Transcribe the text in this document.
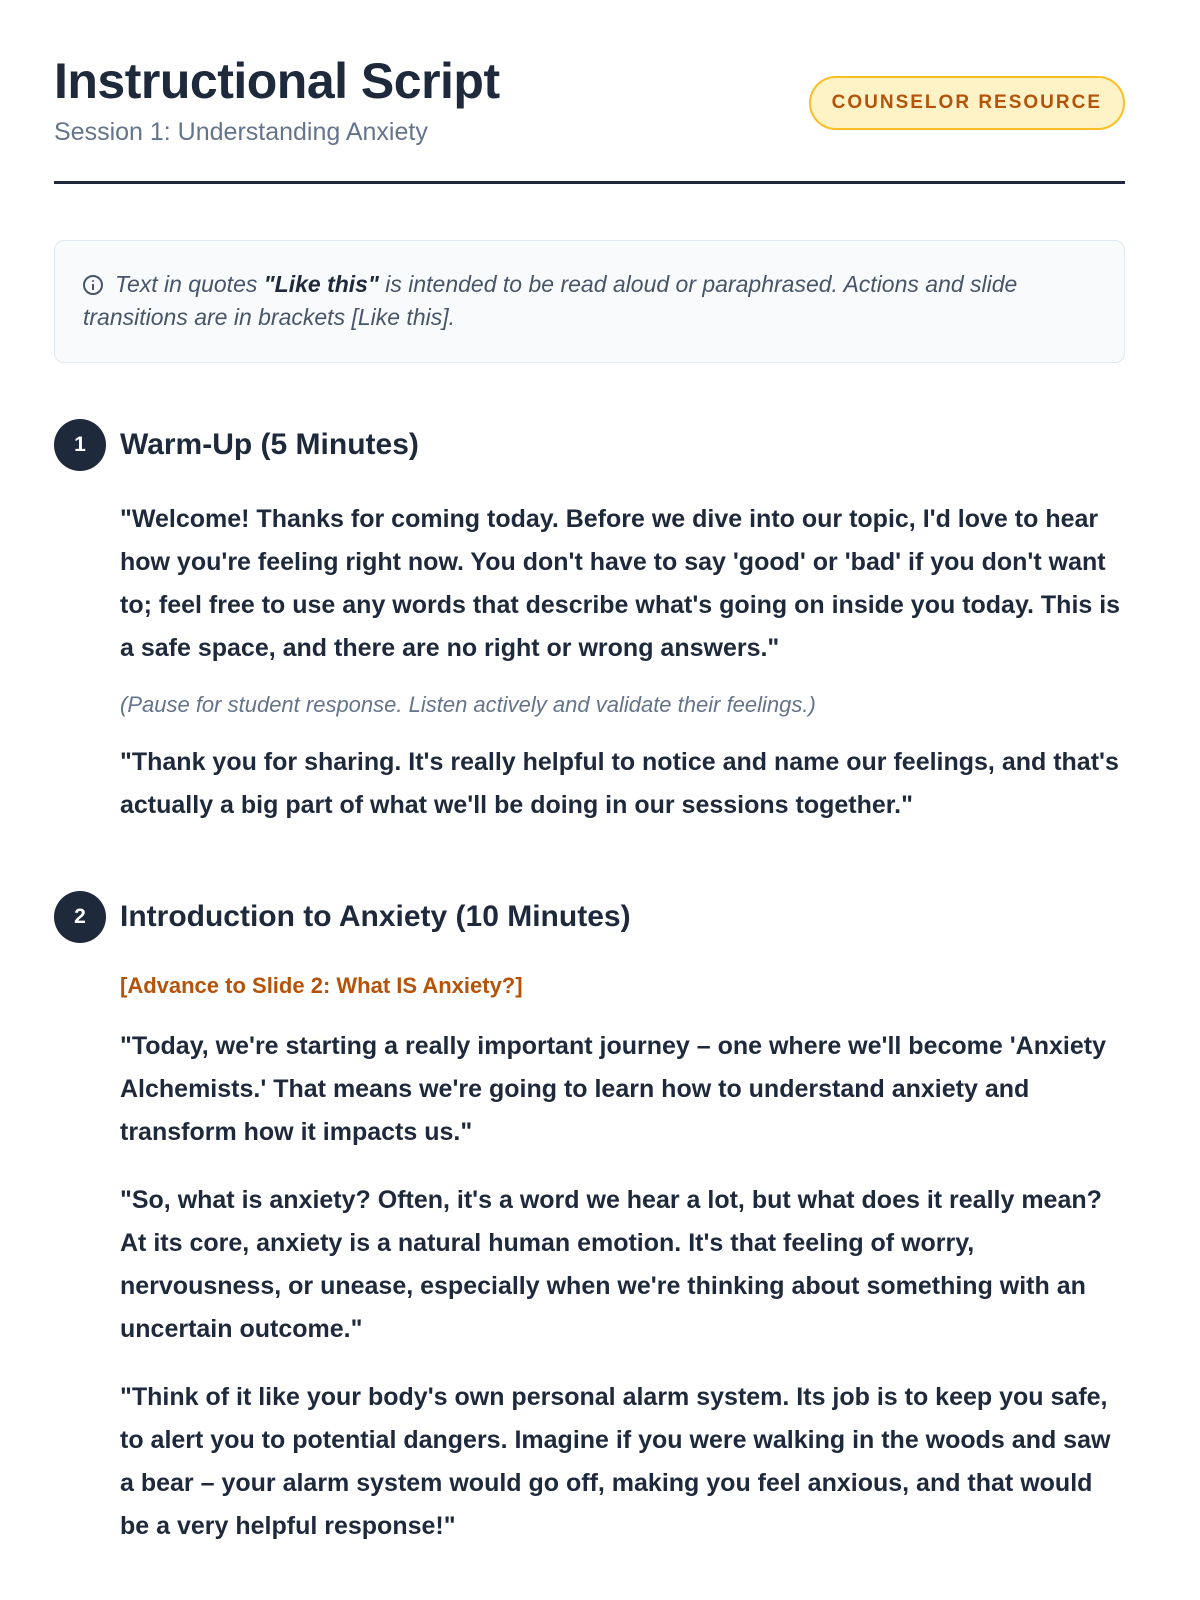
Instructional Script
Session 1: Understanding Anxiety
COUNSELOR RESOURCE
Text in quotes "Like this" is intended to be read aloud or paraphrased. Actions and slide transitions are in brackets [Like this].
1	Warm-Up (5 Minutes)

"Welcome! Thanks for coming today. Before we dive into our topic, I'd love to hear how you're feeling right now. You don't have to say 'good' or 'bad' if you don't want to; feel free to use any words that describe what's going on inside you today. This is a safe space, and there are no right or wrong answers."

(Pause for student response. Listen actively and validate their feelings.)

"Thank you for sharing. It's really helpful to notice and name our feelings, and that's actually a big part of what we'll be doing in our sessions together."

2	Introduction to Anxiety (10 Minutes)

[Advance to Slide 2: What IS Anxiety?]

"Today, we're starting a really important journey – one where we'll become 'Anxiety Alchemists.' That means we're going to learn how to understand anxiety and transform how it impacts us."

"So, what is anxiety? Often, it's a word we hear a lot, but what does it really mean? At its core, anxiety is a natural human emotion. It's that feeling of worry, nervousness, or unease, especially when we're thinking about something with an uncertain outcome."

"Think of it like your body's own personal alarm system. Its job is to keep you safe, to alert you to potential dangers. Imagine if you were walking in the woods and saw a bear – your alarm system would go off, making you feel anxious, and that would be a very helpful response!"
